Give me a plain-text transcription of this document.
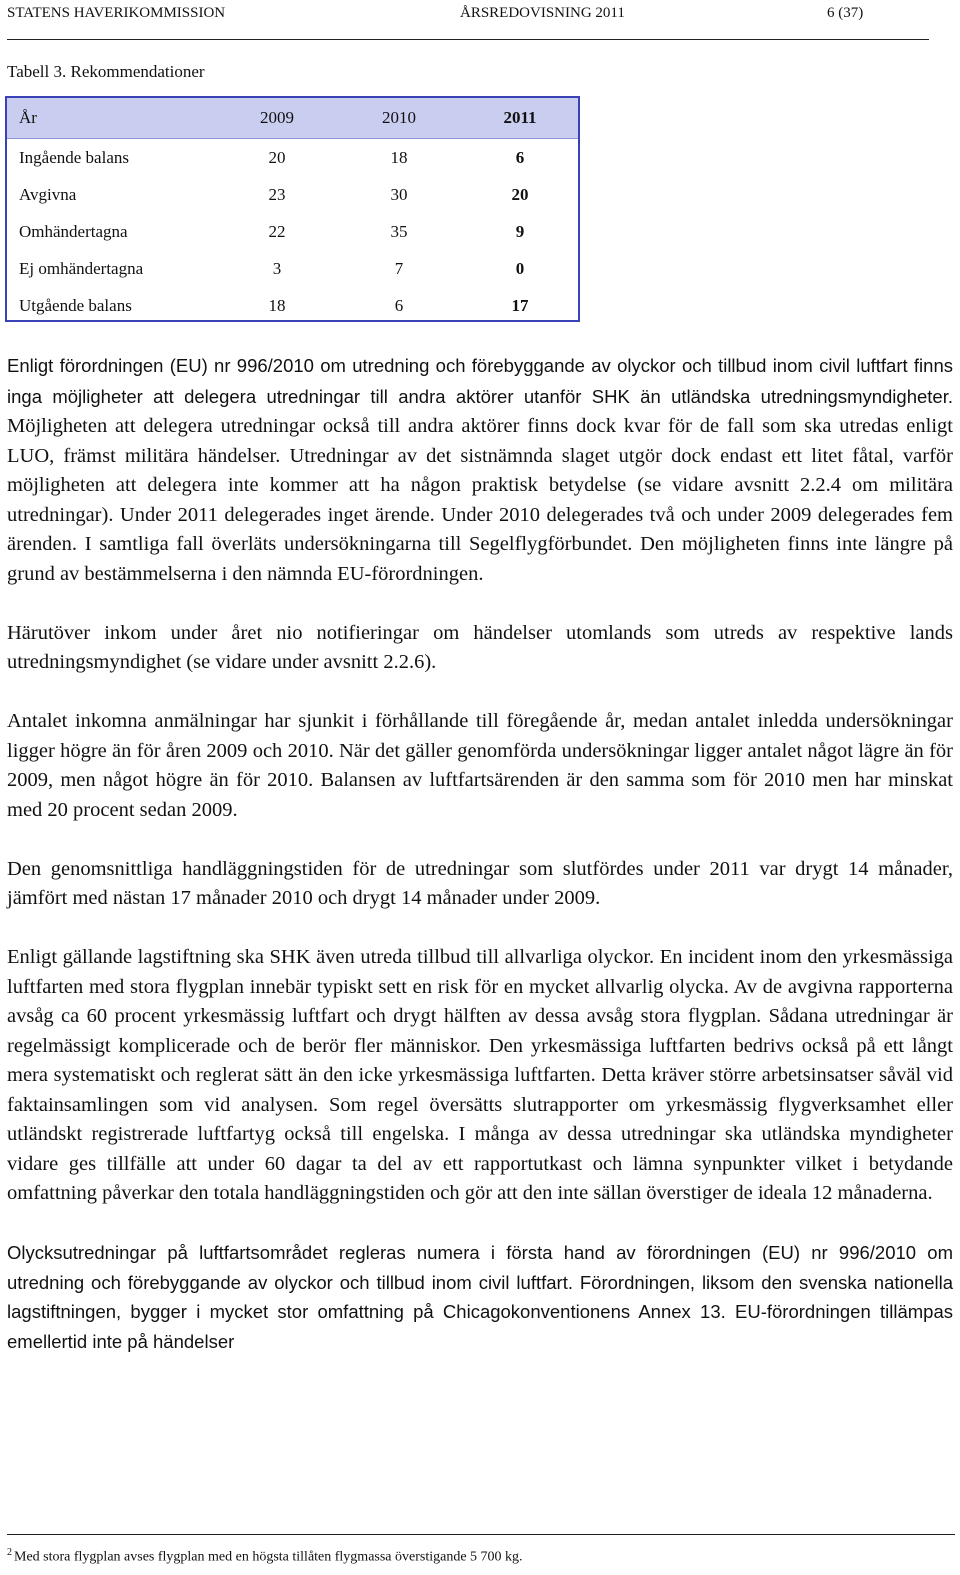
STATENS HAVERIKOMMISSION	ÅRSREDOVISNING 2011	6 (37)
Tabell 3. Rekommendationer
År	2009	2010	2011
Ingående balans	20	18	6
Avgivna	23	30	20
Omhändertagna	22	35	9
Ej omhändertagna	3	7	0
Utgående balans	18	6	17

Enligt förordningen (EU) nr 996/2010 om utredning och förebyggande av olyckor och tillbud inom civil luftfart finns inga möjligheter att delegera utredningar till andra aktörer utanför SHK än utländska utredningsmyndigheter. Möjligheten att delegera utredningar också till andra aktörer finns dock kvar för de fall som ska utredas enligt LUO, främst militära händelser. Utredningar av det sistnämnda slaget utgör dock endast ett litet fåtal, varför möjligheten att delegera inte kommer att ha någon praktisk betydelse (se vidare avsnitt 2.2.4 om militära utredningar). Under 2011 delegerades inget ärende. Under 2010 delegerades två och under 2009 delegerades fem ärenden. I samtliga fall överläts undersökningarna till Segelflygförbundet. Den möjligheten finns inte längre på grund av bestämmelserna i den nämnda EU-förordningen.

Härutöver inkom under året nio notifieringar om händelser utomlands som utreds av respektive lands utredningsmyndighet (se vidare under avsnitt 2.2.6).

Antalet inkomna anmälningar har sjunkit i förhållande till föregående år, medan antalet inledda undersökningar ligger högre än för åren 2009 och 2010. När det gäller genomförda undersökningar ligger antalet något lägre än för 2009, men något högre än för 2010. Balansen av luftfartsärenden är den samma som för 2010 men har minskat med 20 procent sedan 2009.

Den genomsnittliga handläggningstiden för de utredningar som slutfördes under 2011 var drygt 14 månader, jämfört med nästan 17 månader 2010 och drygt 14 månader under 2009.

Enligt gällande lagstiftning ska SHK även utreda tillbud till allvarliga olyckor. En incident inom den yrkesmässiga luftfarten med stora flygplan innebär typiskt sett en risk för en mycket allvarlig olycka. Av de avgivna rapporterna avsåg ca 60 procent yrkesmässig luftfart och drygt hälften av dessa avsåg stora flygplan. Sådana utredningar är regelmässigt komplicerade och de berör fler människor. Den yrkesmässiga luftfarten bedrivs också på ett långt mera systematiskt och reglerat sätt än den icke yrkesmässiga luftfarten. Detta kräver större arbetsinsatser såväl vid faktainsamlingen som vid analysen. Som regel översätts slutrapporter om yrkesmässig flygverksamhet eller utländskt registrerade luftfartyg också till engelska. I många av dessa utredningar ska utländska myndigheter vidare ges tillfälle att under 60 dagar ta del av ett rapportutkast och lämna synpunkter vilket i betydande omfattning påverkar den totala handläggningstiden och gör att den inte sällan överstiger de ideala 12 månaderna.

Olycksutredningar på luftfartsområdet regleras numera i första hand av förordningen (EU) nr 996/2010 om utredning och förebyggande av olyckor och tillbud inom civil luftfart. Förordningen, liksom den svenska nationella lagstiftningen, bygger i mycket stor omfattning på Chicagokonventionens Annex 13. EU-förordningen tillämpas emellertid inte på händelser

$^2$ Med stora flygplan avses flygplan med en högsta tillåten flygmassa överstigande 5 700 kg.
